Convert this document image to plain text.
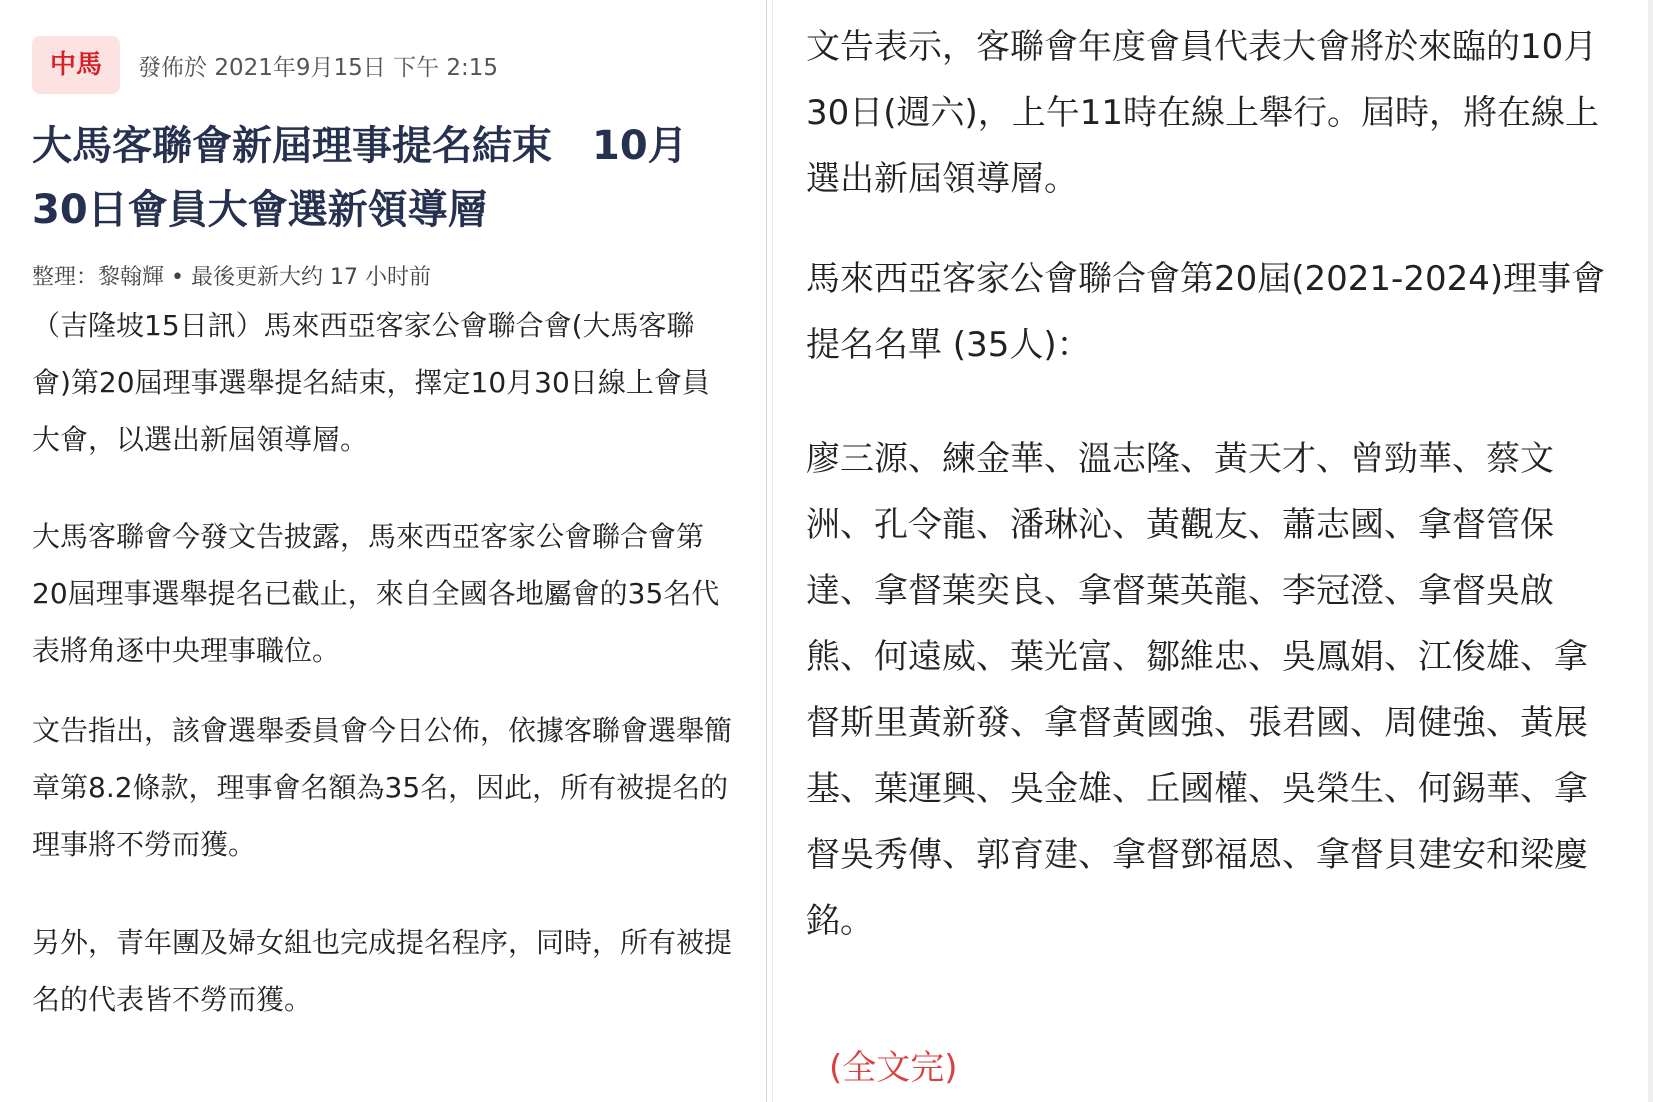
中馬	發佈於 2021年9月15日 下午 2:15
大馬客聯會新屆理事提名結束　10月30日會員大會選新領導層
整理：黎翰輝 • 最後更新大约 17 小时前

（吉隆坡15日訊）馬來西亞客家公會聯合會(大馬客聯會)第20屆理事選舉提名結束，擇定10月30日線上會員大會，以選出新屆領導層。

大馬客聯會今發文告披露，馬來西亞客家公會聯合會第20屆理事選舉提名已截止，來自全國各地屬會的35名代表將角逐中央理事職位。

文告指出，該會選舉委員會今日公佈，依據客聯會選舉簡章第8.2條款，理事會名額為35名，因此，所有被提名的理事將不勞而獲。

另外，青年團及婦女組也完成提名程序，同時，所有被提名的代表皆不勞而獲。

文告表示，客聯會年度會員代表大會將於來臨的10月30日(週六)，上午11時在線上舉行。屆時，將在線上選出新屆領導層。

馬來西亞客家公會聯合會第20屆(2021-2024)理事會提名名單 (35人)：

廖三源、練金華、溫志隆、黃天才、曾勁華、蔡文洲、孔令龍、潘琳沁、黃觀友、蕭志國、拿督管保達、拿督葉奕良、拿督葉英龍、李冠澄、拿督吳啟熊、何遠威、葉光富、鄒維忠、吳鳳娟、江俊雄、拿督斯里黃新發、拿督黃國強、張君國、周健強、黃展基、葉運興、吳金雄、丘國權、吳榮生、何錫華、拿督吳秀傳、郭育建、拿督鄧福恩、拿督貝建安和梁慶銘。

(全文完)
